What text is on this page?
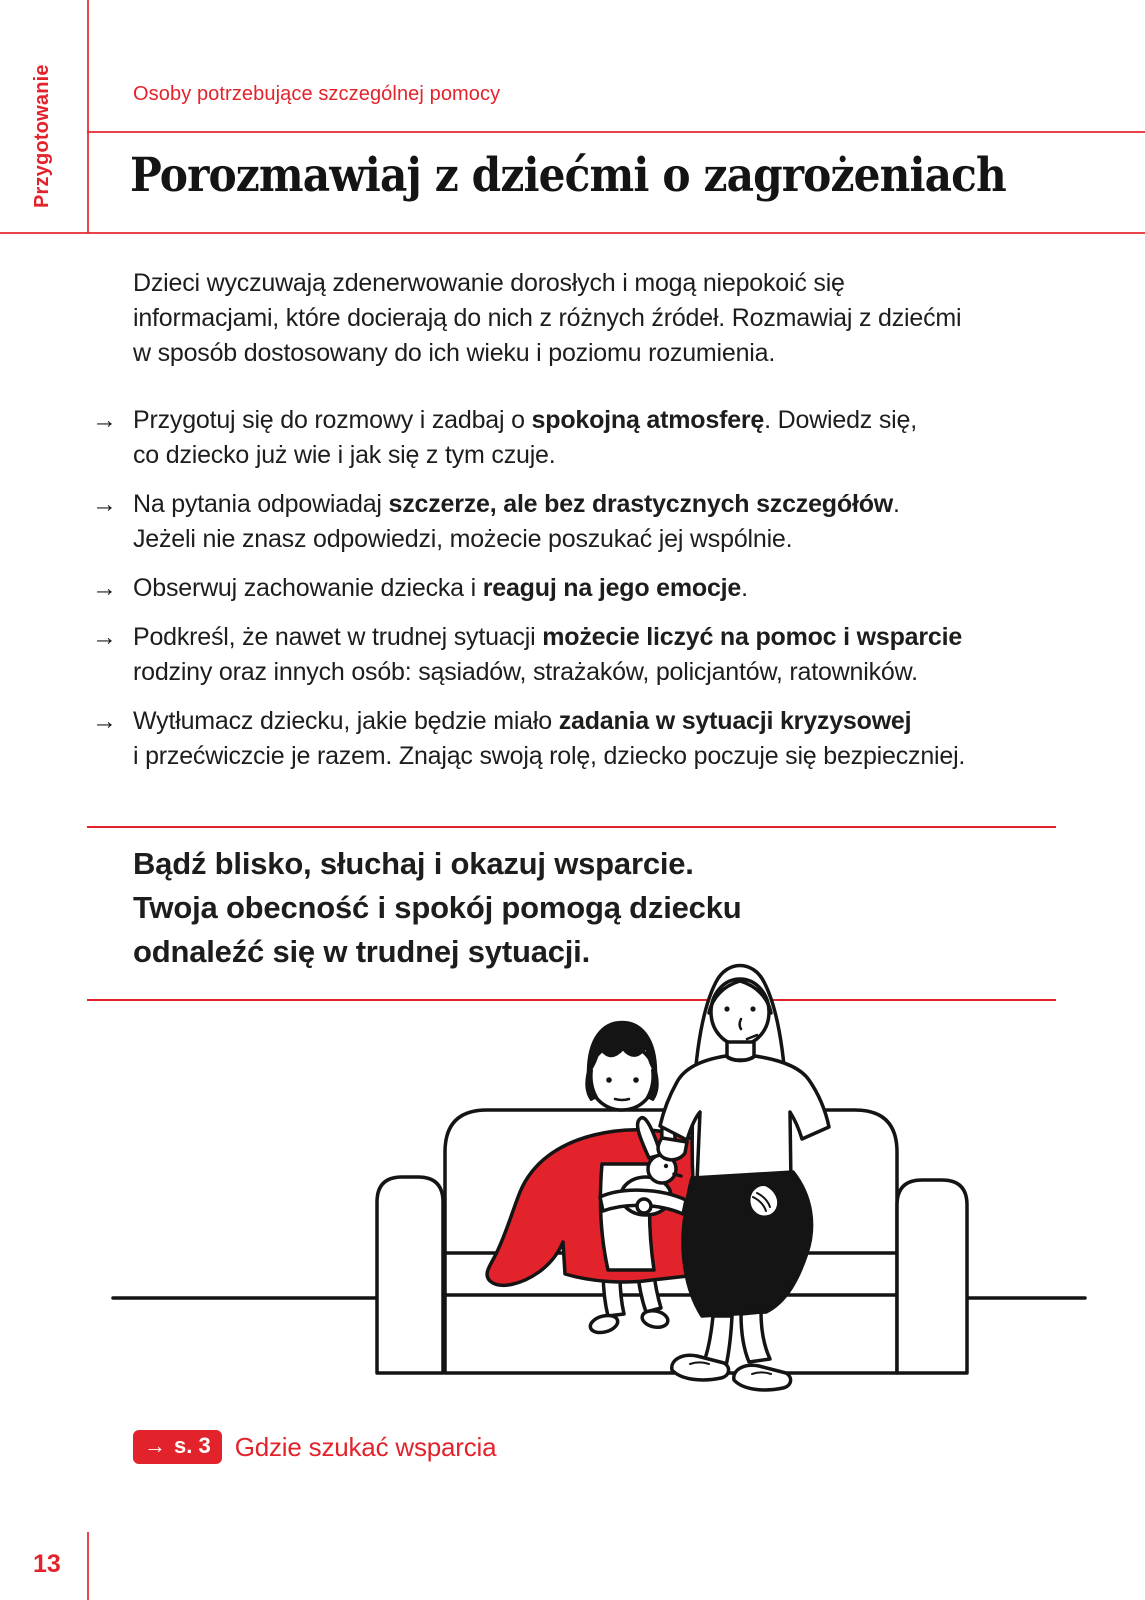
Przygotowanie	Osoby potrzebujące szczególnej pomocy
Porozmawiaj z dziećmi o zagrożeniach
Dzieci wyczuwają zdenerwowanie dorosłych i mogą niepokoić się
informacjami, które docierają do nich z różnych źródeł. Rozmawiaj z dziećmi
w sposób dostosowany do ich wieku i poziomu rozumienia.
→ Przygotuj się do rozmowy i zadbaj o spokojną atmosferę. Dowiedz się,
co dziecko już wie i jak się z tym czuje.
→ Na pytania odpowiadaj szczerze, ale bez drastycznych szczegółów.
Jeżeli nie znasz odpowiedzi, możecie poszukać jej wspólnie.
→ Obserwuj zachowanie dziecka i reaguj na jego emocje.
→ Podkreśl, że nawet w trudnej sytuacji możecie liczyć na pomoc i wsparcie
rodziny oraz innych osób: sąsiadów, strażaków, policjantów, ratowników.
→ Wytłumacz dziecku, jakie będzie miało zadania w sytuacji kryzysowej
i przećwiczcie je razem. Znając swoją rolę, dziecko poczuje się bezpieczniej.
Bądź blisko, słuchaj i okazuj wsparcie.
Twoja obecność i spokój pomogą dziecku
odnaleźć się w trudnej sytuacji.
→ s. 3 Gdzie szukać wsparcia
13
